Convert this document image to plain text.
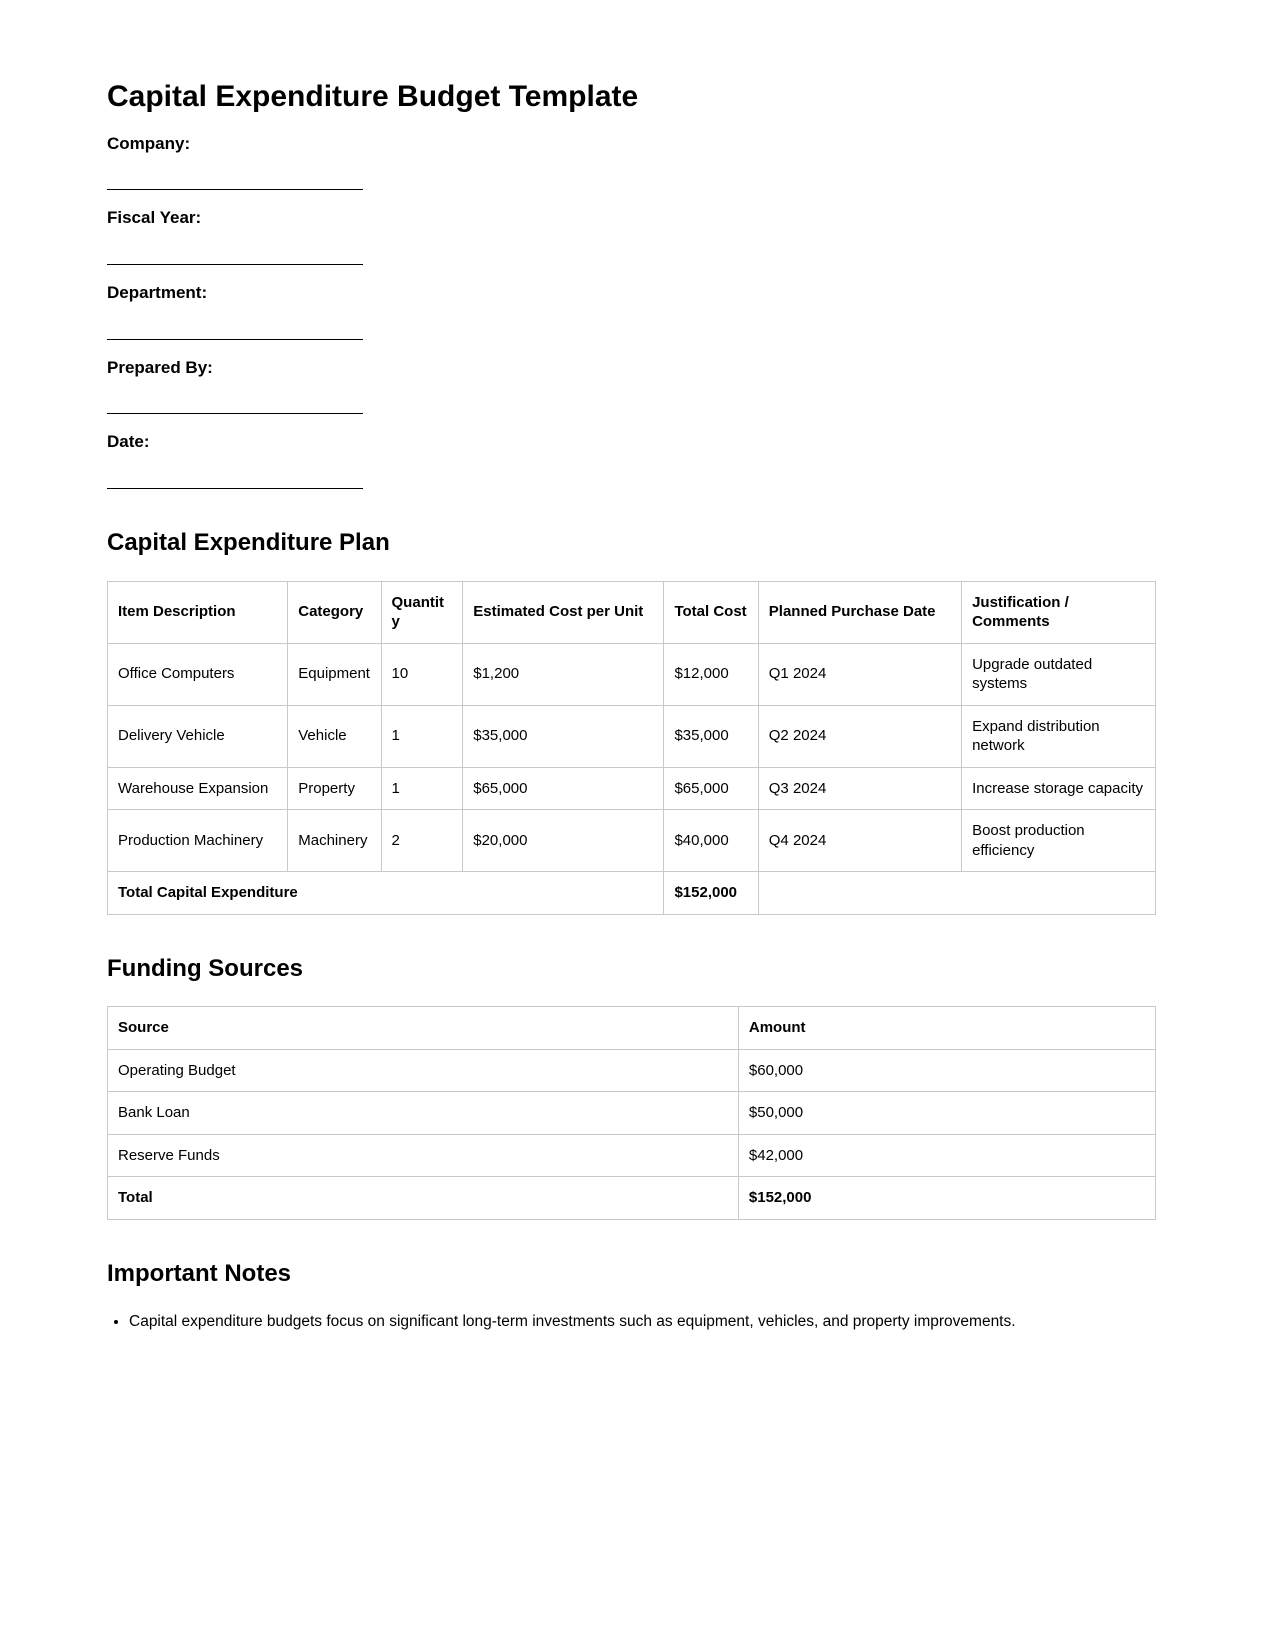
Capital Expenditure Budget Template

Company:

Fiscal Year:

Department:

Prepared By:

Date:

Capital Expenditure Plan
Item Description	Category	Quantity	Estimated Cost per Unit	Total Cost	Planned Purchase Date	Justification / Comments
Office Computers	Equipment	10	$1,200	$12,000	Q1 2024	Upgrade outdated systems
Delivery Vehicle	Vehicle	1	$35,000	$35,000	Q2 2024	Expand distribution network
Warehouse Expansion	Property	1	$65,000	$65,000	Q3 2024	Increase storage capacity
Production Machinery	Machinery	2	$20,000	$40,000	Q4 2024	Boost production efficiency
Total Capital Expenditure				$152,000		
Funding Sources
Source	Amount
Operating Budget	$60,000
Bank Loan	$50,000
Reserve Funds	$42,000
Total	$152,000
Important Notes
• Capital expenditure budgets focus on significant long-term investments such as equipment, vehicles, and property improvements.
